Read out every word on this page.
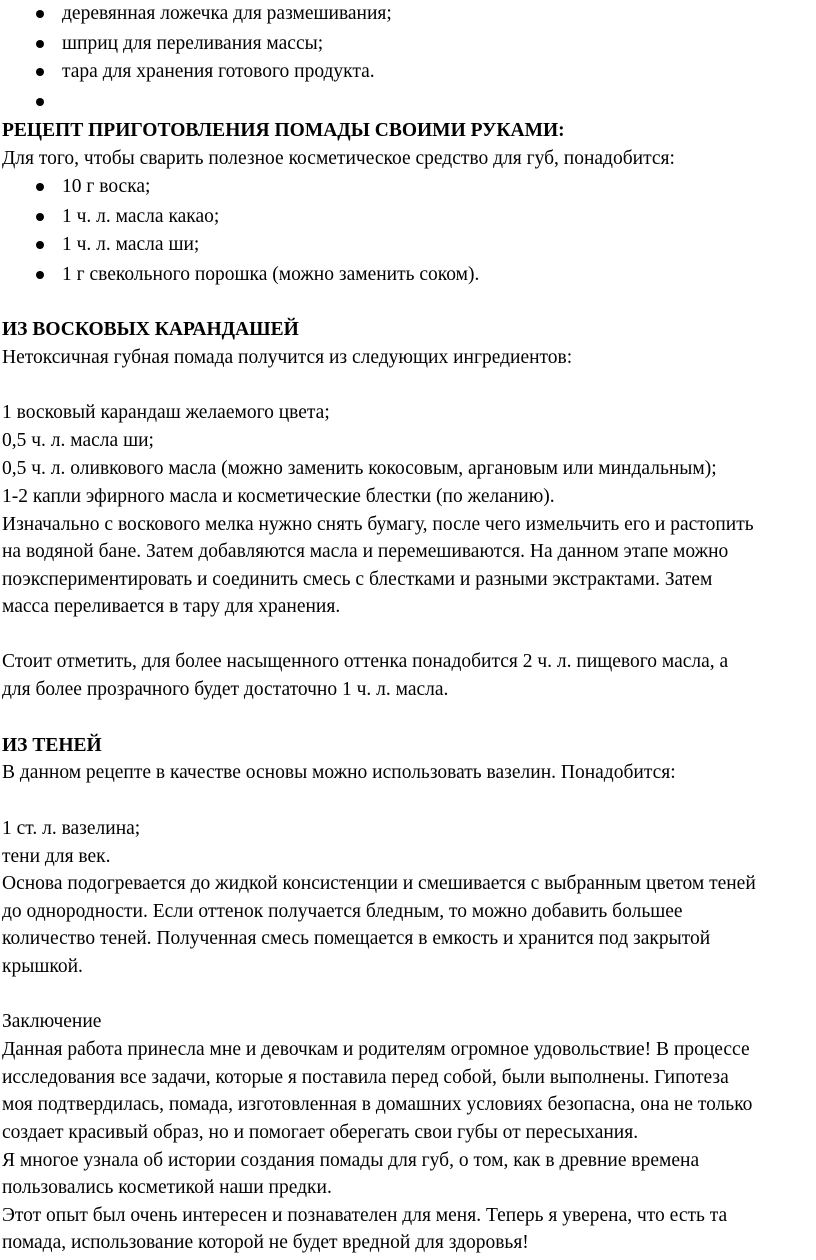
деревянная ложечка для размешивания;
шприц для переливания массы;
тара для хранения готового продукта.
РЕЦЕПТ ПРИГОТОВЛЕНИЯ ПОМАДЫ СВОИМИ РУКАМИ:
Для того, чтобы сварить полезное косметическое средство для губ, понадобится:
10 г воска;
1 ч. л. масла какао;
1 ч. л. масла ши;
1 г свекольного порошка (можно заменить соком).
ИЗ ВОСКОВЫХ КАРАНДАШЕЙ
Нетоксичная губная помада получится из следующих ингредиентов:
1 восковый карандаш желаемого цвета;
0,5 ч. л. масла ши;
0,5 ч. л. оливкового масла (можно заменить кокосовым, аргановым или миндальным);
1-2 капли эфирного масла и косметические блестки (по желанию).
Изначально с воскового мелка нужно снять бумагу, после чего измельчить его и растопить
на водяной бане. Затем добавляются масла и перемешиваются. На данном этапе можно
поэкспериментировать и соединить смесь с блестками и разными экстрактами. Затем
масса переливается в тару для хранения.
Стоит отметить, для более насыщенного оттенка понадобится 2 ч. л. пищевого масла, а
для более прозрачного будет достаточно 1 ч. л. масла.
ИЗ ТЕНЕЙ
В данном рецепте в качестве основы можно использовать вазелин. Понадобится:
1 ст. л. вазелина;
тени для век.
Основа подогревается до жидкой консистенции и смешивается с выбранным цветом теней
до однородности. Если оттенок получается бледным, то можно добавить большее
количество теней. Полученная смесь помещается в емкость и хранится под закрытой
крышкой.
Заключение
Данная работа принесла мне и девочкам и родителям огромное удовольствие! В процессе
исследования все задачи, которые я поставила перед собой, были выполнены. Гипотеза
моя подтвердилась, помада, изготовленная в домашних условиях безопасна, она не только
создает красивый образ, но и помогает оберегать свои губы от пересыхания.
Я многое узнала об истории создания помады для губ, о том, как в древние времена
пользовались косметикой наши предки.
Этот опыт был очень интересен и познавателен для меня. Теперь я уверена, что есть та
помада, использование которой не будет вредной для здоровья!
